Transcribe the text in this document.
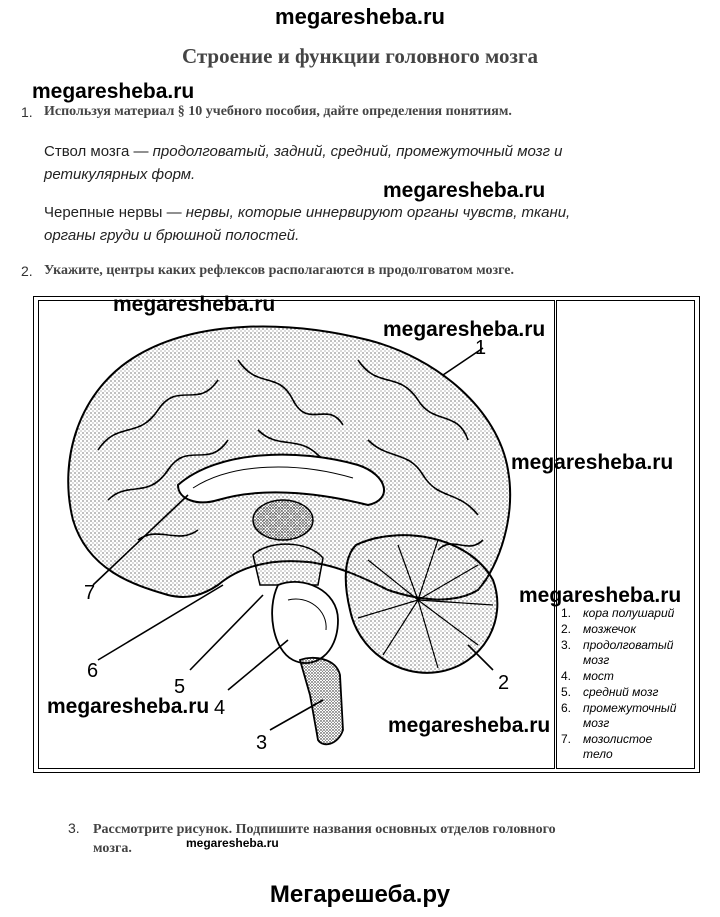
megaresheba.ru
Строение и функции головного мозга
megaresheba.ru
1. Используя материал § 10 учебного пособия, дайте определения понятиям.
Ствол мозга — продолговатый, задний, средний, промежуточный мозг и
ретикулярных форм.
megaresheba.ru
Черепные нервы — нервы, которые иннервируют органы чувств, ткани,
органы груди и брюшной полостей.
2. Укажите, центры каких рефлексов располагаются в продолговатом мозге.
1
2
3
4
5
6
7
megaresheba.ru
megaresheba.ru
megaresheba.ru
megaresheba.ru
megaresheba.ru
megaresheba.ru
1. кора полушарий
2. мозжечок
3. продолговатый
мозг
4. мост
5. средний мозг
6. промежуточный
мозг
7. мозолистое
тело
3. Рассмотрите рисунок. Подпишите названия основных отделов головного
мозга.	megaresheba.ru
Мегарешеба.ру
